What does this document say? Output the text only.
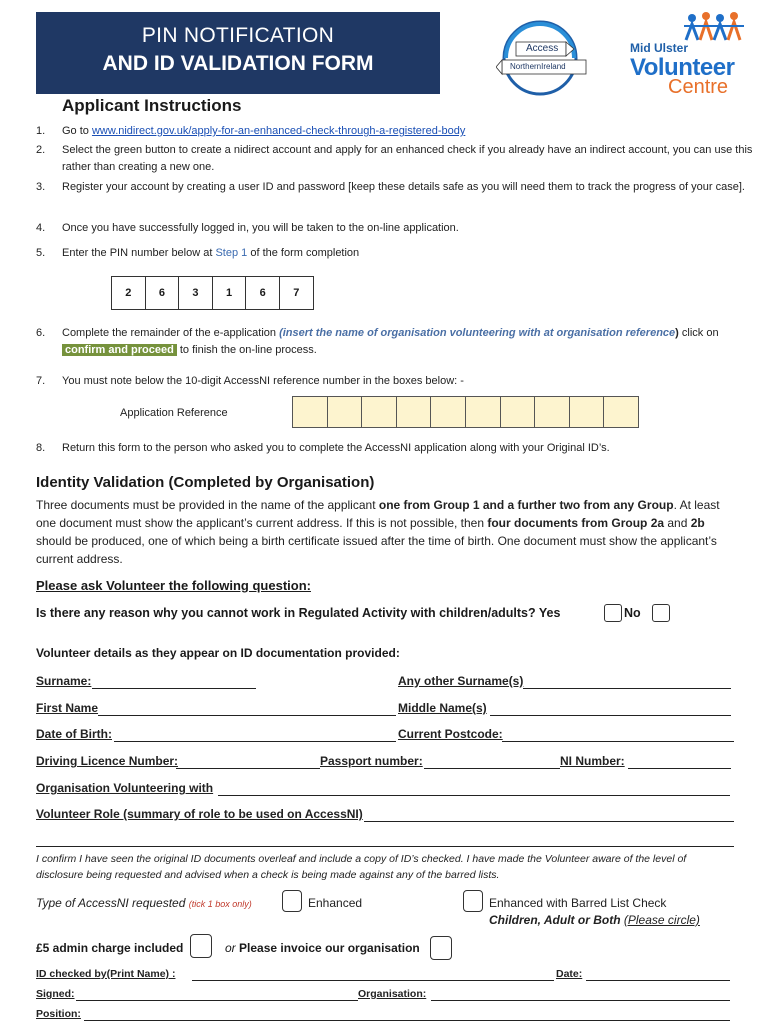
PIN NOTIFICATION
AND ID VALIDATION FORM
Access
NorthernIreland
Mid Ulster
Volunteer
Centre
Applicant Instructions
1.	Go to www.nidirect.gov.uk/apply-for-an-enhanced-check-through-a-registered-body
2.	Select the green button to create a nidirect account and apply for an enhanced check if you already have an indirect account, you can use this rather than creating a new one.
3.	Register your account by creating a user ID and password [keep these details safe as you will need them to track the progress of your case].
4.	Once you have successfully logged in, you will be taken to the on-line application.
5.	Enter the PIN number below at Step 1 of the form completion
2	6	3	1	6	7
6.	Complete the remainder of the e-application (insert the name of organisation volunteering with at organisation reference) click on confirm and proceed to finish the on-line process.
7.	You must note below the 10-digit AccessNI reference number in the boxes below: -
Application Reference
8.	Return this form to the person who asked you to complete the AccessNI application along with your Original ID’s.
Identity Validation (Completed by Organisation)
Three documents must be provided in the name of the applicant one from Group 1 and a further two from any Group. At least one document must show the applicant’s current address. If this is not possible, then four documents from Group 2a and 2b should be produced, one of which being a birth certificate issued after the time of birth. One document must show the applicant’s current address.
Please ask Volunteer the following question:
Is there any reason why you cannot work in Regulated Activity with children/adults? Yes	No
Volunteer details as they appear on ID documentation provided:
Surname:	Any other Surname(s)
First Name	Middle Name(s)
Date of Birth:	Current Postcode:
Driving Licence Number:	Passport number:	NI Number:
Organisation Volunteering with
Volunteer Role (summary of role to be used on AccessNI)
I confirm I have seen the original ID documents overleaf and include a copy of ID’s checked. I have made the Volunteer aware of the level of disclosure being requested and advised when a check is being made against any of the barred lists.
Type of AccessNI requested (tick 1 box only)	Enhanced	Enhanced with Barred List Check
Children, Adult or Both (Please circle)
£5 admin charge included	or Please invoice our organisation
ID checked by(Print Name) :	Date:
Signed:	Organisation:
Position:
